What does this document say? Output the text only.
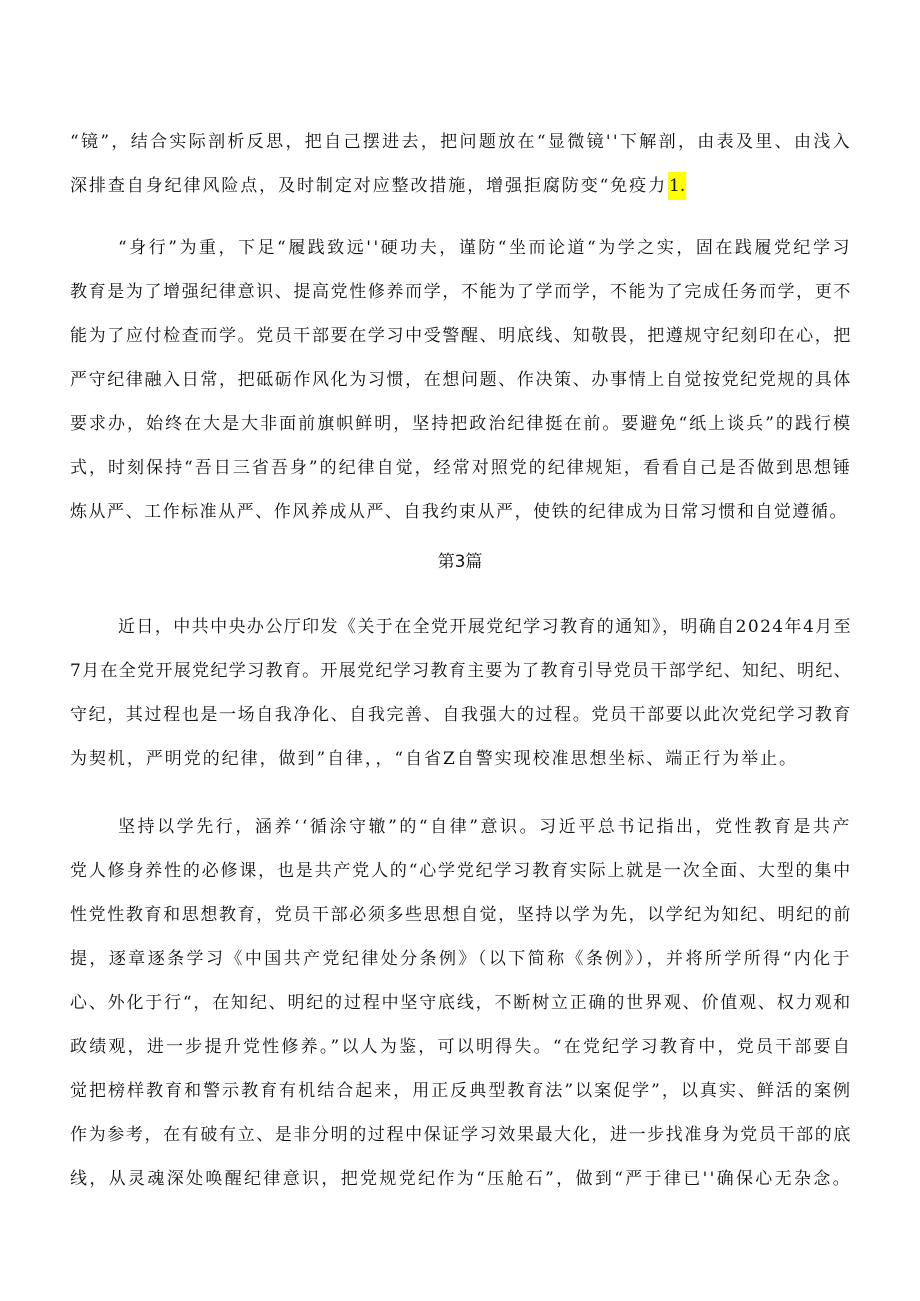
“镜”，结合实际剖析反思，把自己摆进去，把问题放在“显微镜''下解剖，由表及里、由浅入
深排查自身纪律风险点，及时制定对应整改措施，增强拒腐防变“免疫力 1.
“身行”为重，下足“履践致远''硬功夫，谨防“坐而论道“为学之实，固在践履党纪学习
教育是为了增强纪律意识、提高党性修养而学，不能为了学而学，不能为了完成任务而学，更不
能为了应付检查而学。党员干部要在学习中受警醒、明底线、知敬畏，把遵规守纪刻印在心，把
严守纪律融入日常，把砥砺作风化为习惯，在想问题、作决策、办事情上自觉按党纪党规的具体
要求办，始终在大是大非面前旗帜鲜明，坚持把政治纪律挺在前。要避免“纸上谈兵”的践行模
式，时刻保持“吾日三省吾身”的纪律自觉，经常对照党的纪律规矩，看看自己是否做到思想锤
炼从严、工作标准从严、作风养成从严、自我约束从严，使铁的纪律成为日常习惯和自觉遵循。
第3篇
近日，中共中央办公厅印发《关于在全党开展党纪学习教育的通知》，明确自2024年4月至
7月在全党开展党纪学习教育。开展党纪学习教育主要为了教育引导党员干部学纪、知纪、明纪、
守纪，其过程也是一场自我净化、自我完善、自我强大的过程。党员干部要以此次党纪学习教育
为契机，严明党的纪律，做到”自律，，“自省Z自警实现校准思想坐标、端正行为举止。
坚持以学先行，涵养‘‘循涂守辙”的“自律”意识。习近平总书记指出，党性教育是共产
党人修身养性的必修课，也是共产党人的“心学党纪学习教育实际上就是一次全面、大型的集中
性党性教育和思想教育，党员干部必须多些思想自觉，坚持以学为先，以学纪为知纪、明纪的前
提，逐章逐条学习《中国共产党纪律处分条例》（以下简称《条例》），并将所学所得“内化于
心、外化于行“，在知纪、明纪的过程中坚守底线，不断树立正确的世界观、价值观、权力观和
政绩观，进一步提升党性修养。”以人为鉴，可以明得失。“在党纪学习教育中，党员干部要自
觉把榜样教育和警示教育有机结合起来，用正反典型教育法”以案促学”，以真实、鲜活的案例
作为参考，在有破有立、是非分明的过程中保证学习效果最大化，进一步找准身为党员干部的底
线，从灵魂深处唤醒纪律意识，把党规党纪作为“压舱石”，做到“严于律已''确保心无杂念。
